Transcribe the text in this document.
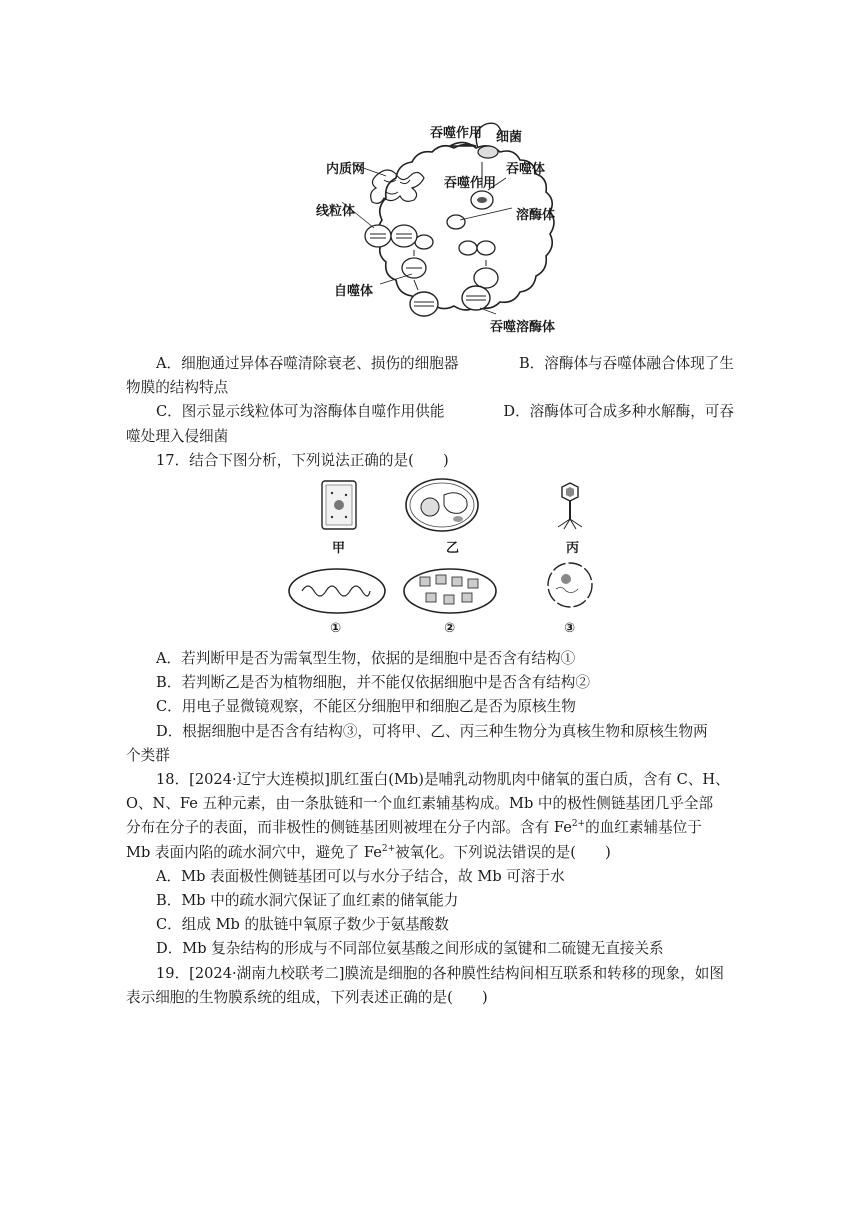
吞噬作用 细菌
内质网	吞噬体
吞噬作用
线粒体	溶酶体
自噬体
吞噬溶酶体
A．细胞通过异体吞噬清除衰老、损伤的细胞器	B．溶酶体与吞噬体融合体现了生
物膜的结构特点
C．图示显示线粒体可为溶酶体自噬作用供能	D．溶酶体可合成多种水解酶，可吞
噬处理入侵细菌
17．结合下图分析，下列说法正确的是(　　)
甲	乙	丙
①	②	③
A．若判断甲是否为需氧型生物，依据的是细胞中是否含有结构①
B．若判断乙是否为植物细胞，并不能仅依据细胞中是否含有结构②
C．用电子显微镜观察，不能区分细胞甲和细胞乙是否为原核生物
D．根据细胞中是否含有结构③，可将甲、乙、丙三种生物分为真核生物和原核生物两
个类群
18．[2024·辽宁大连模拟]肌红蛋白(Mb)是哺乳动物肌肉中储氧的蛋白质，含有 C、H、
O、N、Fe 五种元素，由一条肽链和一个血红素辅基构成。Mb 中的极性侧链基团几乎全部
分布在分子的表面，而非极性的侧链基团则被埋在分子内部。含有 $Fe^{2+}$的血红素辅基位于
Mb 表面内陷的疏水洞穴中，避免了 $Fe^{2+}$被氧化。下列说法错误的是(　　)
A．Mb 表面极性侧链基团可以与水分子结合，故 Mb 可溶于水
B．Mb 中的疏水洞穴保证了血红素的储氧能力
C．组成 Mb 的肽链中氧原子数少于氨基酸数
D．Mb 复杂结构的形成与不同部位氨基酸之间形成的氢键和二硫键无直接关系
19．[2024·湖南九校联考二]膜流是细胞的各种膜性结构间相互联系和转移的现象，如图
表示细胞的生物膜系统的组成，下列表述正确的是(　　)
